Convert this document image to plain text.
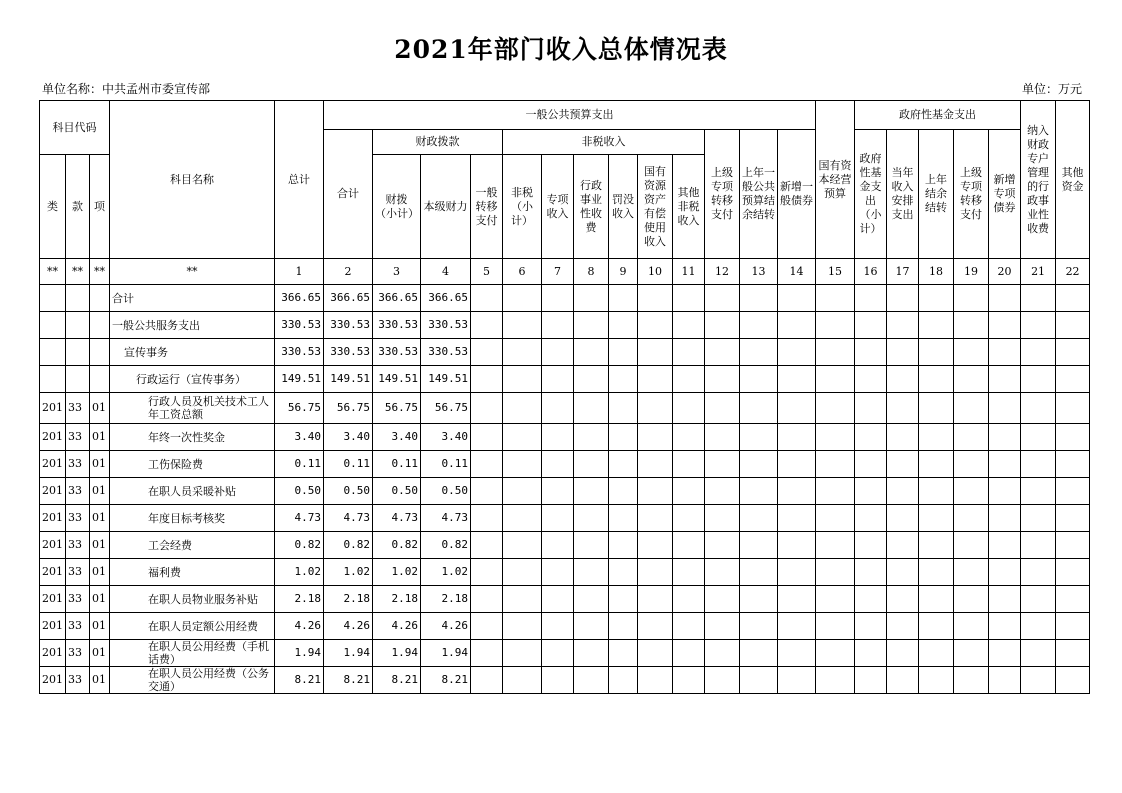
2021年部门收入总体情况表
单位名称：中共孟州市委宣传部	单位：万元
科目代码			科目名称	总计	一般公共预算支出													国有资本经营预算	政府性基金支出					纳入财政专户管理的行政事业性收费	其他资金
					合计	财政拨款			非税收入						上级专项转移支付	上年一般公共预算结余结转	新增一般债券		政府性基金支出（小计）	当年收入安排支出	上年结余结转	上级专项转移支付	新增专项债券		
类	款	项				财拨（小计）	本级财力	一般转移支付	非税（小计）	专项收入	行政事业性收费	罚没收入	国有资源资产有偿使用收入	其他非税收入											

**	**	**	**	1	2	3	4	5	6	7	8	9	10	11	12	13	14	15	16	17	18	19	20	21	22
			合计	366.65	366.65	366.65	366.65																		
			一般公共服务支出	330.53	330.53	330.53	330.53																		
			宣传事务	330.53	330.53	330.53	330.53																		
			行政运行（宣传事务）	149.51	149.51	149.51	149.51																		
201	33	01	行政人员及机关技术工人年工资总额	56.75	56.75	56.75	56.75																		
201	33	01	年终一次性奖金	3.40	3.40	3.40	3.40																		
201	33	01	工伤保险费	0.11	0.11	0.11	0.11																		
201	33	01	在职人员采暖补贴	0.50	0.50	0.50	0.50																		
201	33	01	年度目标考核奖	4.73	4.73	4.73	4.73																		
201	33	01	工会经费	0.82	0.82	0.82	0.82																		
201	33	01	福利费	1.02	1.02	1.02	1.02																		
201	33	01	在职人员物业服务补贴	2.18	2.18	2.18	2.18																		
201	33	01	在职人员定额公用经费	4.26	4.26	4.26	4.26																		
201	33	01	在职人员公用经费（手机话费）	1.94	1.94	1.94	1.94																		
201	33	01	在职人员公用经费（公务交通）	8.21	8.21	8.21	8.21																		
